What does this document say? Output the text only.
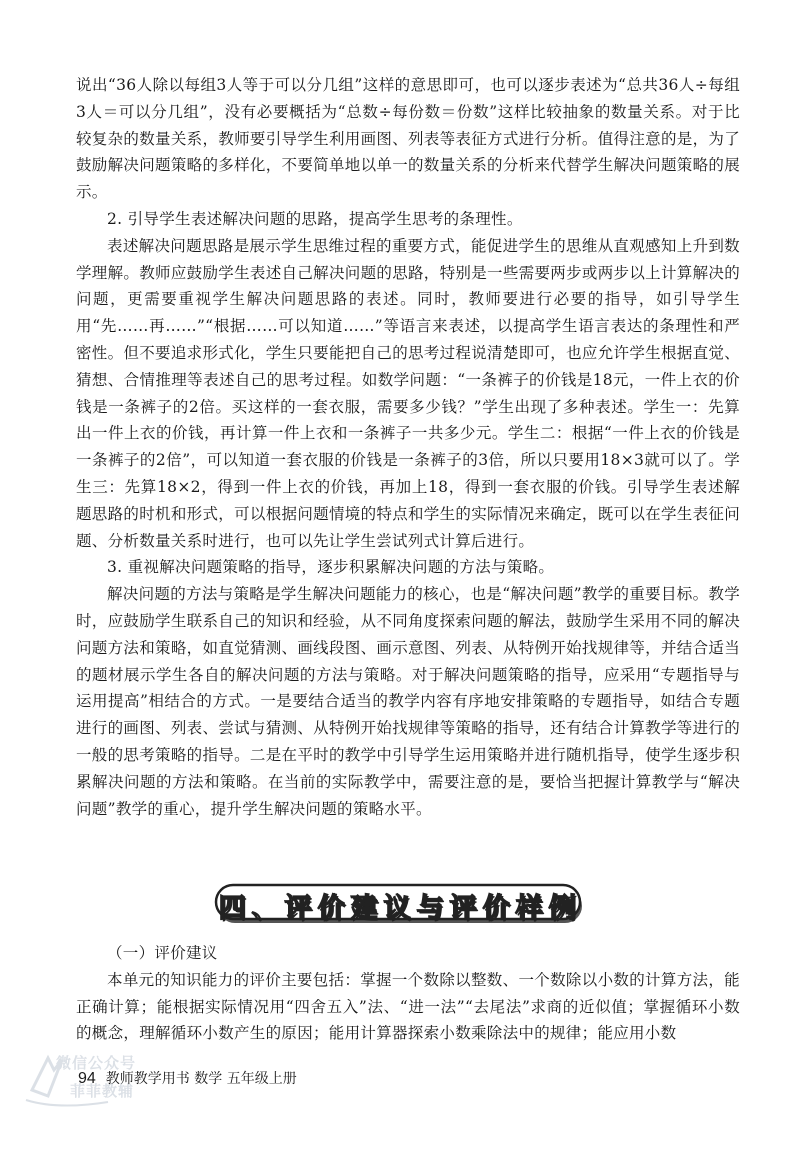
说出“36人除以每组3人等于可以分几组”这样的意思即可，也可以逐步表述为“总共36人÷每组3人＝可以分几组”，没有必要概括为“总数÷每份数＝份数”这样比较抽象的数量关系。对于比较复杂的数量关系，教师要引导学生利用画图、列表等表征方式进行分析。值得注意的是，为了鼓励解决问题策略的多样化，不要简单地以单一的数量关系的分析来代替学生解决问题策略的展示。

2. 引导学生表述解决问题的思路，提高学生思考的条理性。

表述解决问题思路是展示学生思维过程的重要方式，能促进学生的思维从直观感知上升到数学理解。教师应鼓励学生表述自己解决问题的思路，特别是一些需要两步或两步以上计算解决的问题，更需要重视学生解决问题思路的表述。同时，教师要进行必要的指导，如引导学生用“先……再……”“根据……可以知道……”等语言来表述，以提高学生语言表达的条理性和严密性。但不要追求形式化，学生只要能把自己的思考过程说清楚即可，也应允许学生根据直觉、猜想、合情推理等表述自己的思考过程。如数学问题：“一条裤子的价钱是18元，一件上衣的价钱是一条裤子的2倍。买这样的一套衣服，需要多少钱？”学生出现了多种表述。学生一：先算出一件上衣的价钱，再计算一件上衣和一条裤子一共多少元。学生二：根据“一件上衣的价钱是一条裤子的2倍”，可以知道一套衣服的价钱是一条裤子的3倍，所以只要用18×3就可以了。学生三：先算18×2，得到一件上衣的价钱，再加上18，得到一套衣服的价钱。引导学生表述解题思路的时机和形式，可以根据问题情境的特点和学生的实际情况来确定，既可以在学生表征问题、分析数量关系时进行，也可以先让学生尝试列式计算后进行。

3. 重视解决问题策略的指导，逐步积累解决问题的方法与策略。

解决问题的方法与策略是学生解决问题能力的核心，也是“解决问题”教学的重要目标。教学时，应鼓励学生联系自己的知识和经验，从不同角度探索问题的解法，鼓励学生采用不同的解决问题方法和策略，如直觉猜测、画线段图、画示意图、列表、从特例开始找规律等，并结合适当的题材展示学生各自的解决问题的方法与策略。对于解决问题策略的指导，应采用“专题指导与运用提高”相结合的方式。一是要结合适当的教学内容有序地安排策略的专题指导，如结合专题进行的画图、列表、尝试与猜测、从特例开始找规律等策略的指导，还有结合计算教学等进行的一般的思考策略的指导。二是在平时的教学中引导学生运用策略并进行随机指导，使学生逐步积累解决问题的方法和策略。在当前的实际教学中，需要注意的是，要恰当把握计算教学与“解决问题”教学的重心，提升学生解决问题的策略水平。

四、评价建议与评价样例

（一）评价建议

本单元的知识能力的评价主要包括：掌握一个数除以整数、一个数除以小数的计算方法，能正确计算；能根据实际情况用“四舍五入”法、“进一法”“去尾法”求商的近似值；掌握循环小数的概念，理解循环小数产生的原因；能用计算器探索小数乘除法中的规律；能应用小数

微信公众号
菲菲教辅
94 教师教学用书 数学 五年级上册
